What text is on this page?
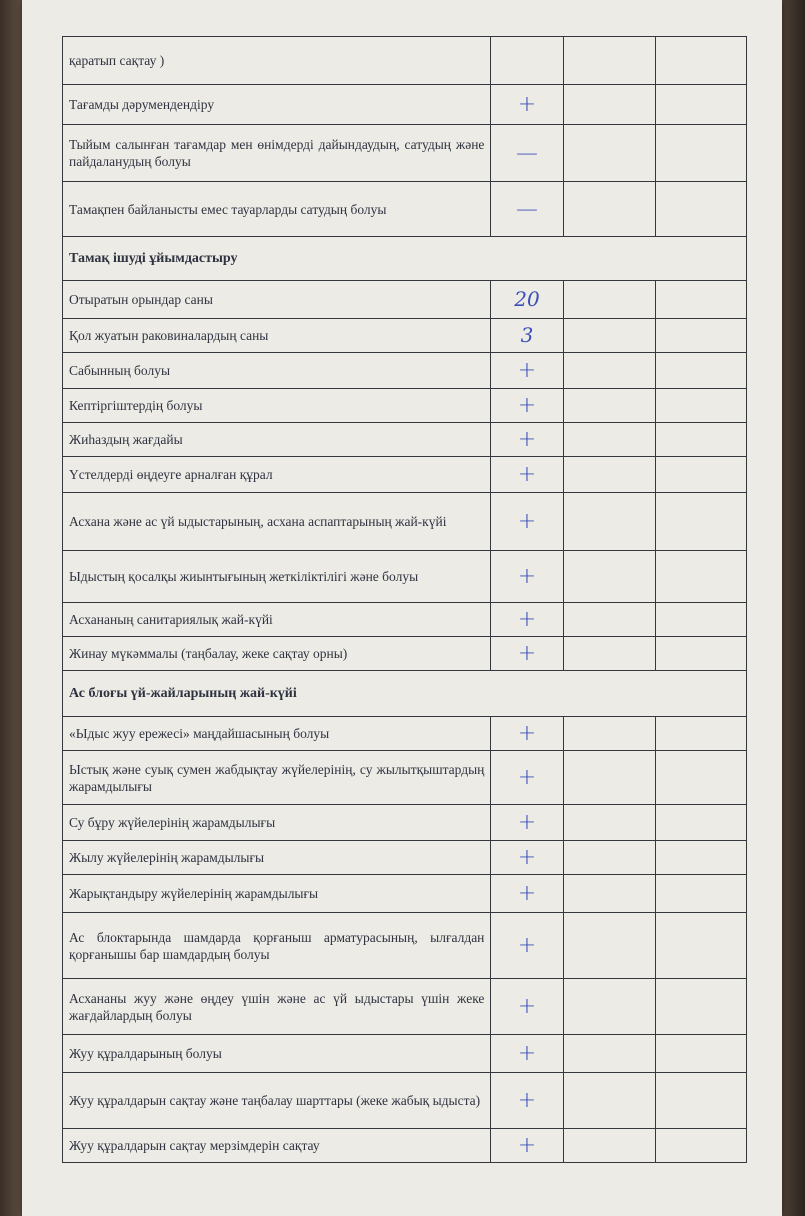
қаратып сақтау )			
Тағамды дәрумендендіру	+		
Тыйым салынған тағамдар мен өнімдерді дайындаудың, сатудың және пайдаланудың болуы	—		
Тамақпен байланысты емес тауарларды сатудың болуы	—		
Тамақ ішуді ұйымдастыру			
Отыратын орындар саны	20		
Қол жуатын раковиналардың саны	3		
Сабынның болуы	+		
Кептіргіштердің болуы	+		
Жиһаздың жағдайы	+		
Үстелдерді өңдеуге арналған құрал	+		
Асхана және ас үй ыдыстарының, асхана аспаптарының жай-күйі	+		
Ыдыстың қосалқы жиынтығының жеткіліктілігі және болуы	+		
Асхананың санитариялық жай-күйі	+		
Жинау мүкәммалы (таңбалау, жеке сақтау орны)	+		
Ас блоғы үй-жайларының жай-күйі			
«Ыдыс жуу ережесі» маңдайшасының болуы	+		
Ыстық және суық сумен жабдықтау жүйелерінің, су жылытқыштардың жарамдылығы	+		
Су бұру жүйелерінің жарамдылығы	+		
Жылу жүйелерінің жарамдылығы	+		
Жарықтандыру жүйелерінің жарамдылығы	+		
Ас блоктарында шамдарда қорғаныш арматурасының, ылғалдан қорғанышы бар шамдардың болуы	+		
Асхананы жуу және өңдеу үшін және ас үй ыдыстары үшін жеке жағдайлардың болуы	+		
Жуу құралдарының болуы	+		
Жуу құралдарын сақтау және таңбалау шарттары (жеке жабық ыдыста)	+		
Жуу құралдарын сақтау мерзімдерін сақтау	+		
